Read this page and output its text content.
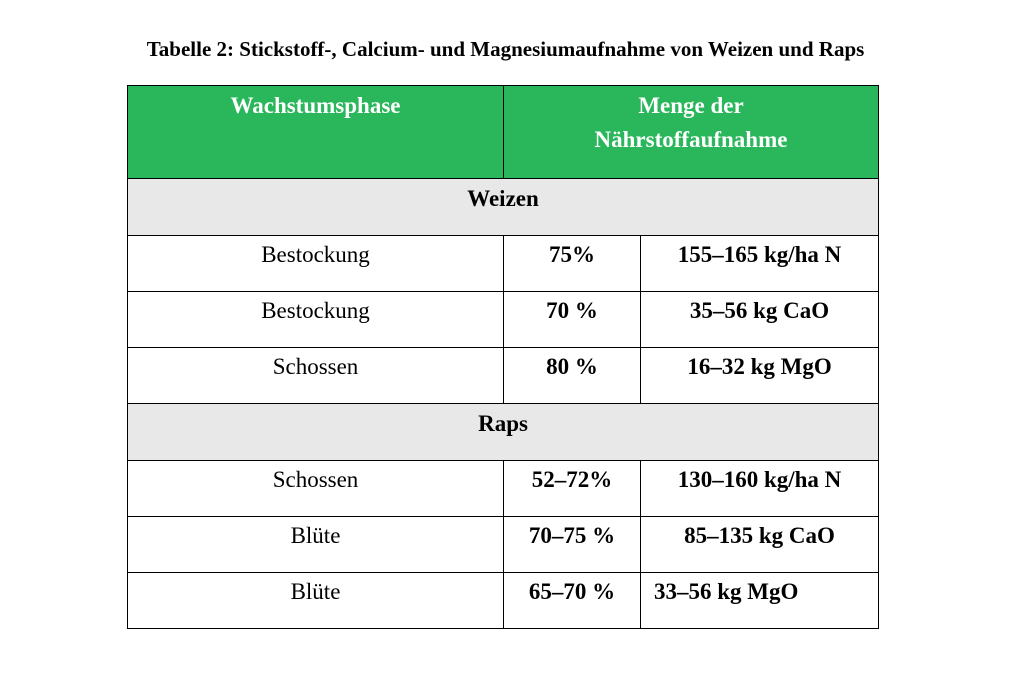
Tabelle 2: Stickstoff-, Calcium- und Magnesiumaufnahme von Weizen und Raps
Wachstumsphase	Menge der
Nährstoffaufnahme	
Weizen		
Bestockung	75%	155–165 kg/ha N
Bestockung	70 %	35–56 kg CaO
Schossen	80 %	16–32 kg MgO
Raps		
Schossen	52–72%	130–160 kg/ha N
Blüte	70–75 %	85–135 kg CaO
Blüte	65–70 %	33–56 kg MgO
